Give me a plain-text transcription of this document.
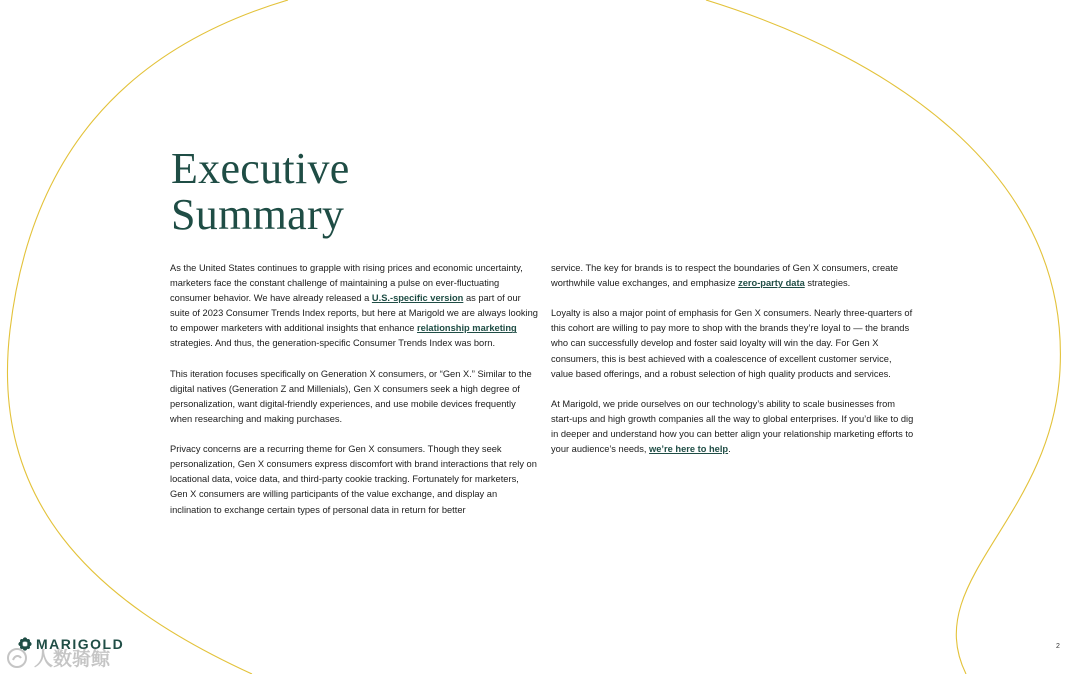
Executive
Summary

As the United States continues to grapple with rising prices and economic uncertainty, marketers face the constant challenge of maintaining a pulse on ever-fluctuating consumer behavior. We have already released a U.S.-specific version as part of our suite of 2023 Consumer Trends Index reports, but here at Marigold we are always looking to empower marketers with additional insights that enhance relationship marketing strategies. And thus, the generation-specific Consumer Trends Index was born.

This iteration focuses specifically on Generation X consumers, or “Gen X.” Similar to the digital natives (Generation Z and Millenials), Gen X consumers seek a high degree of personalization, want digital-friendly experiences, and use mobile devices frequently when researching and making purchases.

Privacy concerns are a recurring theme for Gen X consumers. Though they seek personalization, Gen X consumers express discomfort with brand interactions that rely on locational data, voice data, and third-party cookie tracking. Fortunately for marketers, Gen X consumers are willing participants of the value exchange, and display an inclination to exchange certain types of personal data in return for better

service. The key for brands is to respect the boundaries of Gen X consumers, create worthwhile value exchanges, and emphasize zero-party data strategies.

Loyalty is also a major point of emphasis for Gen X consumers. Nearly three-quarters of this cohort are willing to pay more to shop with the brands they’re loyal to — the brands who can successfully develop and foster said loyalty will win the day. For Gen X consumers, this is best achieved with a coalescence of excellent customer service, value based offerings, and a robust selection of high quality products and services.

At Marigold, we pride ourselves on our technology’s ability to scale businesses from start-ups and high growth companies all the way to global enterprises. If you’d like to dig in deeper and understand how you can better align your relationship marketing efforts to your audience’s needs, we’re here to help.

MARIGOLD
人数骑鲸
2
